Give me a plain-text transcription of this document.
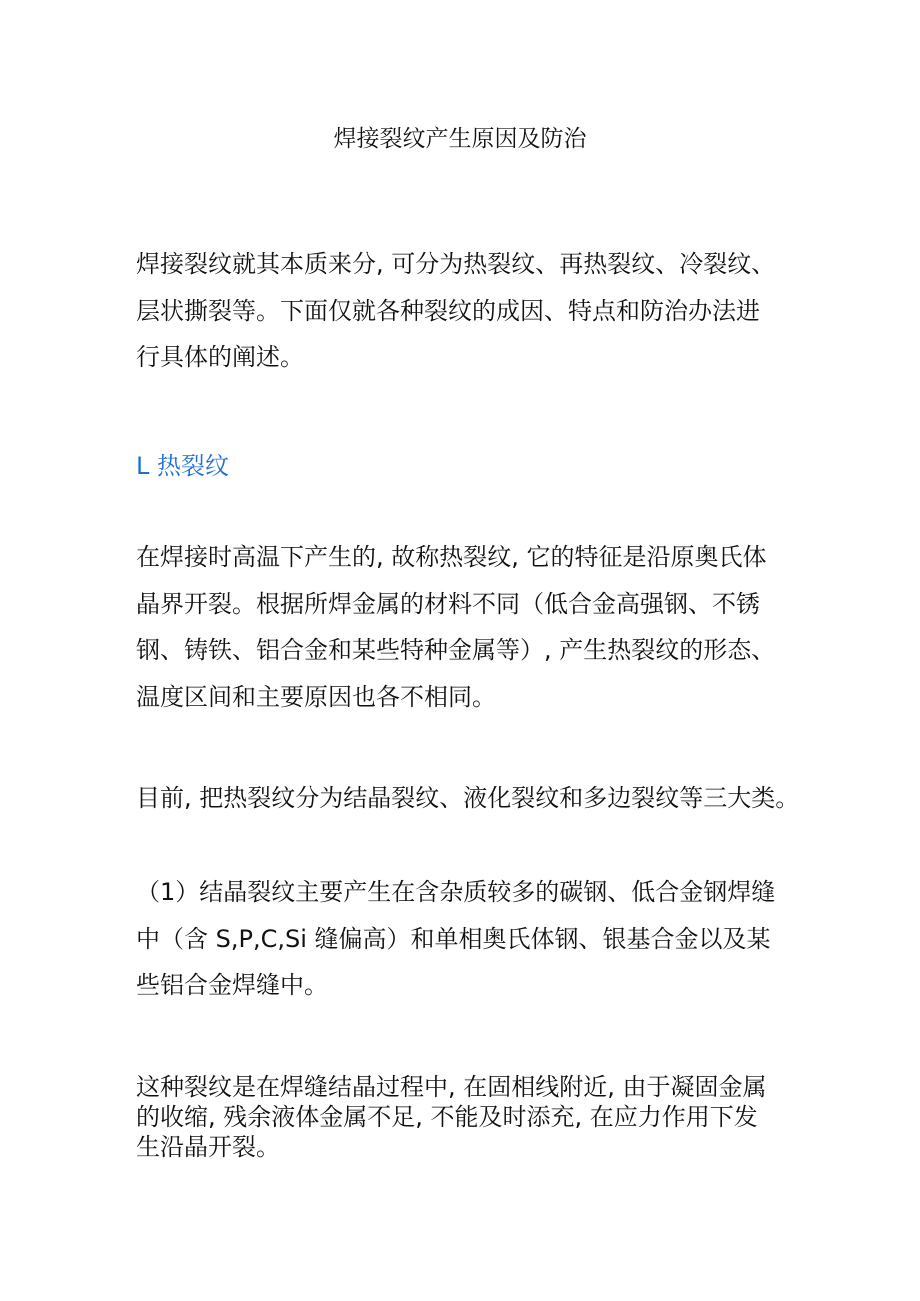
焊接裂纹产生原因及防治

焊接裂纹就其本质来分, 可分为热裂纹、再热裂纹、冷裂纹、
层状撕裂等。下面仅就各种裂纹的成因、特点和防治办法进
行具体的阐述。

L 热裂纹

在焊接时高温下产生的, 故称热裂纹, 它的特征是沿原奥氏体
晶界开裂。根据所焊金属的材料不同（低合金高强钢、不锈
钢、铸铁、铝合金和某些特种金属等）, 产生热裂纹的形态、
温度区间和主要原因也各不相同。

目前, 把热裂纹分为结晶裂纹、液化裂纹和多边裂纹等三大类。

（1）结晶裂纹主要产生在含杂质较多的碳钢、低合金钢焊缝
中（含 S,P,C,Si 缝偏高）和单相奥氏体钢、银基合金以及某
些铝合金焊缝中。

这种裂纹是在焊缝结晶过程中, 在固相线附近, 由于凝固金属
的收缩, 残余液体金属不足, 不能及时添充, 在应力作用下发
生沿晶开裂。
